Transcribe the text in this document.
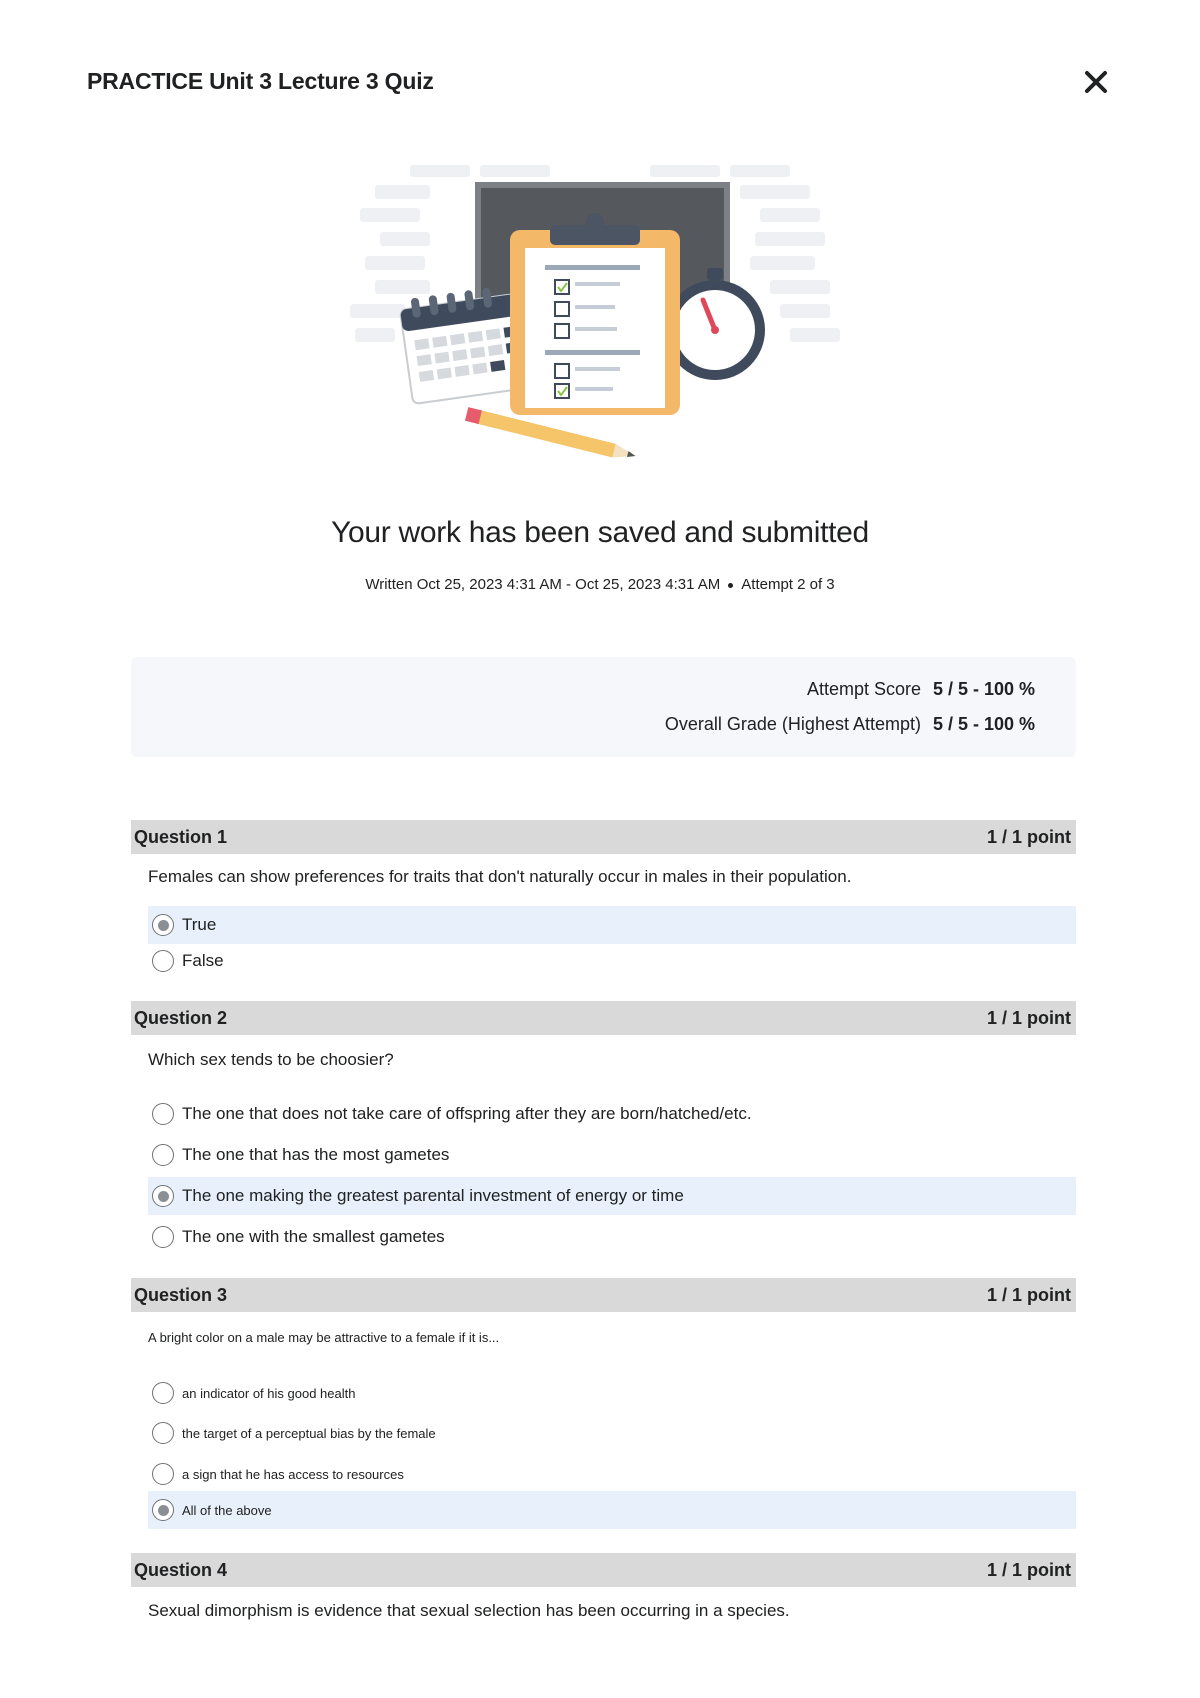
PRACTICE Unit 3 Lecture 3 Quiz
Your work has been saved and submitted
Written Oct 25, 2023 4:31 AM - Oct 25, 2023 4:31 AM Attempt 2 of 3
Attempt Score 5 / 5 - 100 %
Overall Grade (Highest Attempt) 5 / 5 - 100 %
Question 1	1 / 1 point
Females can show preferences for traits that don't naturally occur in males in their population.
True
False
Question 2	1 / 1 point
Which sex tends to be choosier?
The one that does not take care of offspring after they are born/hatched/etc.
The one that has the most gametes
The one making the greatest parental investment of energy or time
The one with the smallest gametes
Question 3	1 / 1 point
A bright color on a male may be attractive to a female if it is...
an indicator of his good health
the target of a perceptual bias by the female
a sign that he has access to resources
All of the above
Question 4	1 / 1 point
Sexual dimorphism is evidence that sexual selection has been occurring in a species.
